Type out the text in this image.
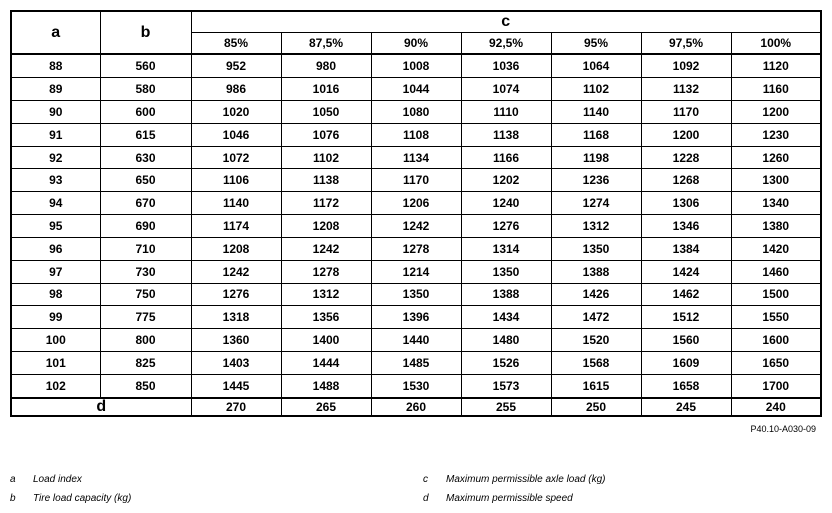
a	b	c						
		85%	87,5%	90%	92,5%	95%	97,5%	100%
88	560	952	980	1008	1036	1064	1092	1120
89	580	986	1016	1044	1074	1102	1132	1160
90	600	1020	1050	1080	1110	1140	1170	1200
91	615	1046	1076	1108	1138	1168	1200	1230
92	630	1072	1102	1134	1166	1198	1228	1260
93	650	1106	1138	1170	1202	1236	1268	1300
94	670	1140	1172	1206	1240	1274	1306	1340
95	690	1174	1208	1242	1276	1312	1346	1380
96	710	1208	1242	1278	1314	1350	1384	1420
97	730	1242	1278	1214	1350	1388	1424	1460
98	750	1276	1312	1350	1388	1426	1462	1500
99	775	1318	1356	1396	1434	1472	1512	1550
100	800	1360	1400	1440	1480	1520	1560	1600
101	825	1403	1444	1485	1526	1568	1609	1650
102	850	1445	1488	1530	1573	1615	1658	1700
d		270	265	260	255	250	245	240
P40.10-A030-09
a Load index
b Tire load capacity (kg)
c Maximum permissible axle load (kg)
d Maximum permissible speed
